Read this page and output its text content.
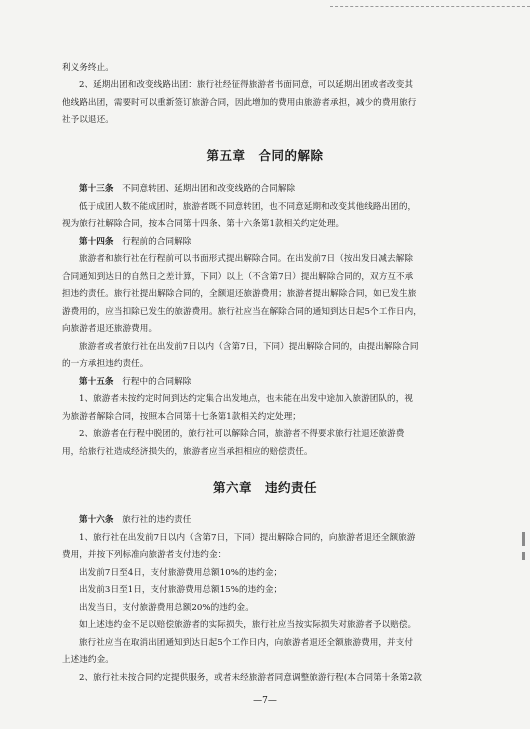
利义务终止。

2、延期出团和改变线路出团：旅行社经征得旅游者书面同意，可以延期出团或者改变其

他线路出团，需要时可以重新签订旅游合同，因此增加的费用由旅游者承担，减少的费用旅行

社予以退还。

第五章　合同的解除

第十三条　 不同意转团、延期出团和改变线路的合同解除

低于成团人数不能成团时，旅游者既不同意转团，也不同意延期和改变其他线路出团的，

视为旅行社解除合同，按本合同第十四条、第十六条第1款相关约定处理。

第十四条　 行程前的合同解除

旅游者和旅行社在行程前可以书面形式提出解除合同。在出发前7日（按出发日减去解除

合同通知到达日的自然日之差计算，下同）以上（不含第7日）提出解除合同的，双方互不承

担违约责任。旅行社提出解除合同的，全额退还旅游费用；旅游者提出解除合同，如已发生旅

游费用的，应当扣除已发生的旅游费用。旅行社应当在解除合同的通知到达日起5个工作日内，

向旅游者退还旅游费用。

旅游者或者旅行社在出发前7日以内（含第7日，下同）提出解除合同的，由提出解除合同

的一方承担违约责任。

第十五条　 行程中的合同解除

1、旅游者未按约定时间到达约定集合出发地点，也未能在出发中途加入旅游团队的，视

为旅游者解除合同，按照本合同第十七条第1款相关约定处理；

2、旅游者在行程中脱团的，旅行社可以解除合同，旅游者不得要求旅行社退还旅游费

用，给旅行社造成经济损失的，旅游者应当承担相应的赔偿责任。

第六章　违约责任

第十六条　 旅行社的违约责任

1、旅行社在出发前7日以内（含第7日，下同）提出解除合同的，向旅游者退还全额旅游

费用，并按下列标准向旅游者支付违约金：

出发前7日至4日，支付旅游费用总额10%的违约金；

出发前3日至1日，支付旅游费用总额15%的违约金；

出发当日，支付旅游费用总额20%的违约金。

如上述违约金不足以赔偿旅游者的实际损失，旅行社应当按实际损失对旅游者予以赔偿。

旅行社应当在取消出团通知到达日起5个工作日内，向旅游者退还全额旅游费用，并支付

上述违约金。

2、旅行社未按合同约定提供服务，或者未经旅游者同意调整旅游行程(本合同第十条第2款

—7—
